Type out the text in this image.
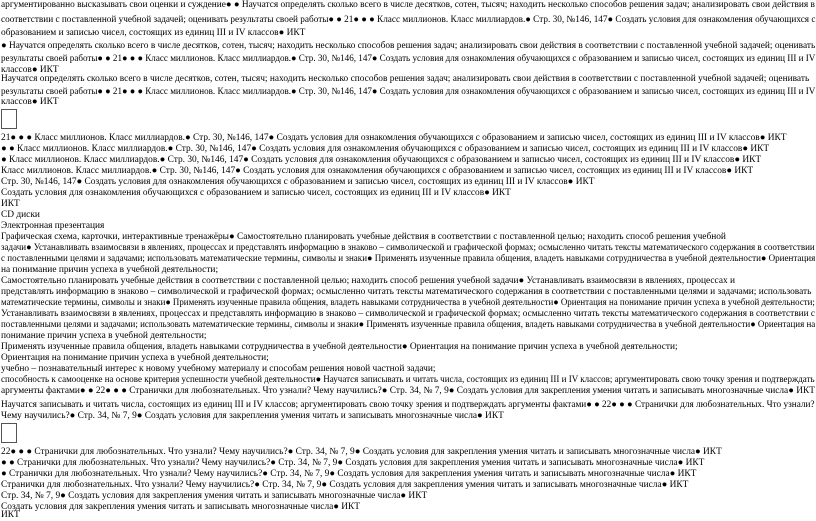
аргументированно высказывать свои оценки и суждение● ● Научатся определять сколько всего в числе десятков, сотен, тысяч; находить несколько способов решения задач; анализировать свои действия в
соответствии с поставленной учебной задачей; оценивать результаты своей работы● ● 21● ● ● Класс миллионов. Класс миллиардов.● Стр. 30, №146, 147● Создать условия для ознакомления обучающихся с
образованием и записью чисел, состоящих из единиц III и IV классов● ИКТ
● Научатся определять сколько всего в числе десятков, сотен, тысяч; находить несколько способов решения задач; анализировать свои действия в соответствии с поставленной учебной задачей; оценивать
результаты своей работы● ● 21● ● ● Класс миллионов. Класс миллиардов.● Стр. 30, №146, 147● Создать условия для ознакомления обучающихся с образованием и записью чисел, состоящих из единиц III и IV
классов● ИКТ
Научатся определять сколько всего в числе десятков, сотен, тысяч; находить несколько способов решения задач; анализировать свои действия в соответствии с поставленной учебной задачей; оценивать
результаты своей работы● ● 21● ● ● Класс миллионов. Класс миллиардов.● Стр. 30, №146, 147● Создать условия для ознакомления обучающихся с образованием и записью чисел, состоящих из единиц III и IV
классов● ИКТ
21● ● ● Класс миллионов. Класс миллиардов.● Стр. 30, №146, 147● Создать условия для ознакомления обучающихся с образованием и записью чисел, состоящих из единиц III и IV классов● ИКТ
● ● Класс миллионов. Класс миллиардов.● Стр. 30, №146, 147● Создать условия для ознакомления обучающихся с образованием и записью чисел, состоящих из единиц III и IV классов● ИКТ
● Класс миллионов. Класс миллиардов.● Стр. 30, №146, 147● Создать условия для ознакомления обучающихся с образованием и записью чисел, состоящих из единиц III и IV классов● ИКТ
Класс миллионов. Класс миллиардов.● Стр. 30, №146, 147● Создать условия для ознакомления обучающихся с образованием и записью чисел, состоящих из единиц III и IV классов● ИКТ
Стр. 30, №146, 147● Создать условия для ознакомления обучающихся с образованием и записью чисел, состоящих из единиц III и IV классов● ИКТ
Создать условия для ознакомления обучающихся с образованием и записью чисел, состоящих из единиц III и IV классов● ИКТ
ИКТ
CD диски
Электронная презентация
Графическая схема, карточки, интерактивные тренажёры● Самостоятельно планировать учебные действия в соответствии с поставленной целью; находить способ решения учебной
задачи● Устанавливать взаимосвязи в явлениях, процессах и представлять информацию в знаково – символической и графической формах; осмысленно читать тексты математического содержания в соответствии
с поставленными целями и задачами; использовать математические термины, символы и знаки● Применять изученные правила общения, владеть навыками сотрудничества в учебной деятельности● Ориентация
на понимание причин успеха в учебной деятельности;
Самостоятельно планировать учебные действия в соответствии с поставленной целью; находить способ решения учебной задачи● Устанавливать взаимосвязи в явлениях, процессах и
представлять информацию в знаково – символической и графической формах; осмысленно читать тексты математического содержания в соответствии с поставленными целями и задачами; использовать
математические термины, символы и знаки● Применять изученные правила общения, владеть навыками сотрудничества в учебной деятельности● Ориентация на понимание причин успеха в учебной деятельности;
Устанавливать взаимосвязи в явлениях, процессах и представлять информацию в знаково – символической и графической формах; осмысленно читать тексты математического содержания в соответствии с
поставленными целями и задачами; использовать математические термины, символы и знаки● Применять изученные правила общения, владеть навыками сотрудничества в учебной деятельности● Ориентация на
понимание причин успеха в учебной деятельности;
Применять изученные правила общения, владеть навыками сотрудничества в учебной деятельности● Ориентация на понимание причин успеха в учебной деятельности;
Ориентация на понимание причин успеха в учебной деятельности;
учебно – познавательный интерес к новому учебному материалу и способам решения новой частной задачи;
способность к самооценке на основе критерия успешности учебной деятельности● Научатся записывать и читать числа, состоящих из единиц III и IV классов; аргументировать свою точку зрения и подтверждать
аргументы фактами● ● 22● ● ● Странички для любознательных. Что узнали? Чему научились?● Стр. 34, № 7, 9● Создать условия для закрепления умения читать и записывать многозначные числа● ИКТ
Научатся записывать и читать числа, состоящих из единиц III и IV классов; аргументировать свою точку зрения и подтверждать аргументы фактами● ● 22● ● ● Странички для любознательных. Что узнали?
Чему научились?● Стр. 34, № 7, 9● Создать условия для закрепления умения читать и записывать многозначные числа● ИКТ
22● ● ● Странички для любознательных. Что узнали? Чему научились?● Стр. 34, № 7, 9● Создать условия для закрепления умения читать и записывать многозначные числа● ИКТ
● ● Странички для любознательных. Что узнали? Чему научились?● Стр. 34, № 7, 9● Создать условия для закрепления умения читать и записывать многозначные числа● ИКТ
● Странички для любознательных. Что узнали? Чему научились?● Стр. 34, № 7, 9● Создать условия для закрепления умения читать и записывать многозначные числа● ИКТ
Странички для любознательных. Что узнали? Чему научились?● Стр. 34, № 7, 9● Создать условия для закрепления умения читать и записывать многозначные числа● ИКТ
Стр. 34, № 7, 9● Создать условия для закрепления умения читать и записывать многозначные числа● ИКТ
Создать условия для закрепления умения читать и записывать многозначные числа● ИКТ
ИКТ
